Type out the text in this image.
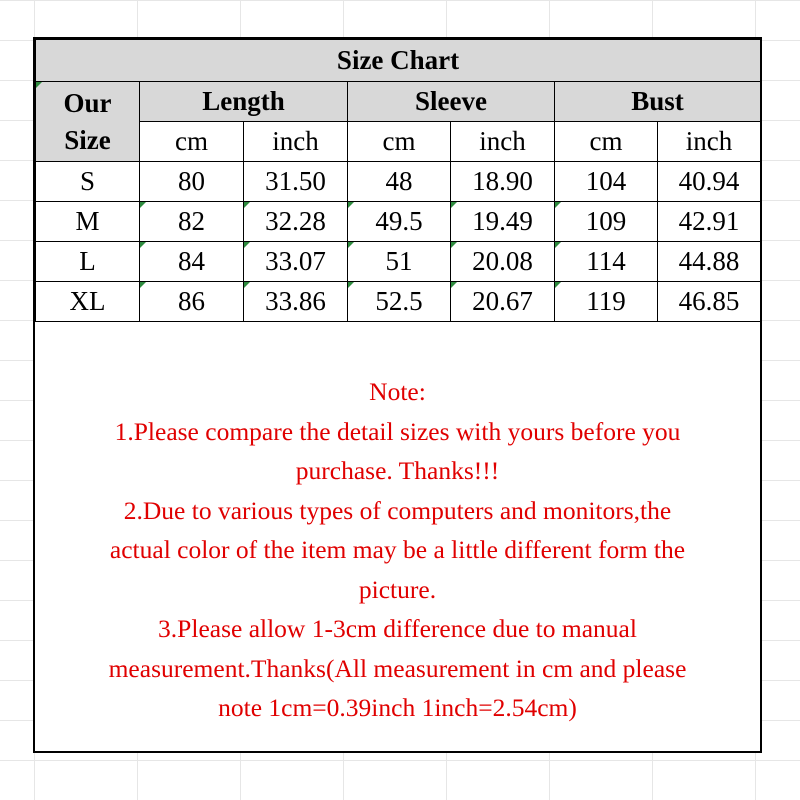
Size Chart						

Our
Size	Length		Sleeve		Bust	
	cm	inch	cm	inch	cm	inch
S	80	31.50	48	18.90	104	40.94
M	82	32.28	49.5	19.49	109	42.91
L	84	33.07	51	20.08	114	44.88
XL	86	33.86	52.5	20.67	119	46.85
Note:
1.Please compare the detail sizes with yours before you
purchase. Thanks!!!
2.Due to various types of computers and monitors,the
actual color of the item may be a little different form the
picture.
3.Please allow 1-3cm difference due to manual
measurement.Thanks(All measurement in cm and please
note 1cm=0.39inch 1inch=2.54cm)
